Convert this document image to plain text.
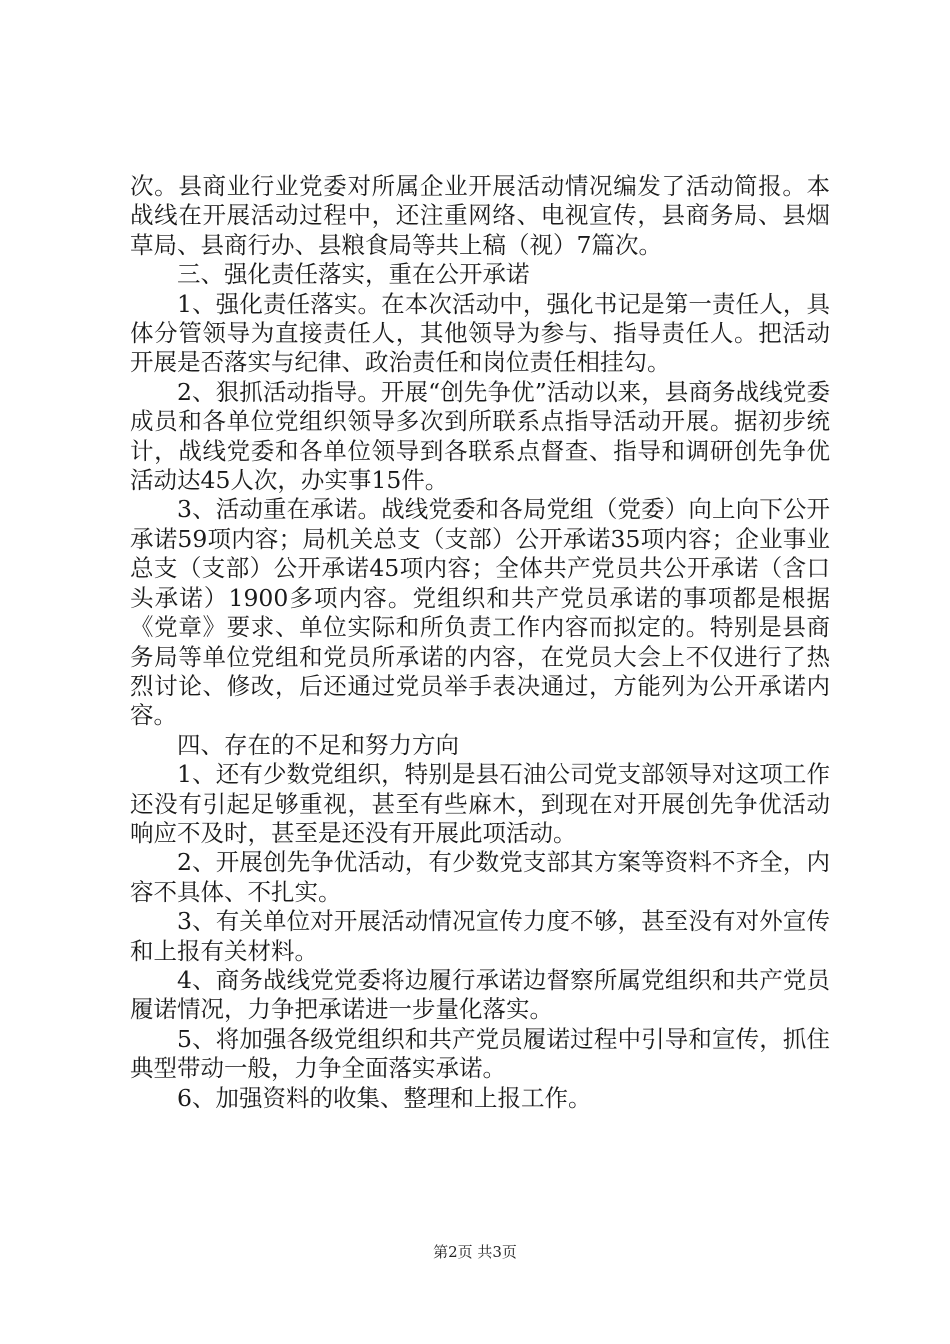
次。县商业行业党委对所属企业开展活动情况编发了活动简报。本战线在开展活动过程中，还注重网络、电视宣传，县商务局、县烟草局、县商行办、县粮食局等共上稿（视）7篇次。

三、强化责任落实，重在公开承诺

1、强化责任落实。在本次活动中，强化书记是第一责任人，具体分管领导为直接责任人，其他领导为参与、指导责任人。把活动开展是否落实与纪律、政治责任和岗位责任相挂勾。

2、狠抓活动指导。开展“创先争优”活动以来，县商务战线党委成员和各单位党组织领导多次到所联系点指导活动开展。据初步统计，战线党委和各单位领导到各联系点督查、指导和调研创先争优活动达45人次，办实事15件。

3、活动重在承诺。战线党委和各局党组（党委）向上向下公开承诺59项内容；局机关总支（支部）公开承诺35项内容；企业事业总支（支部）公开承诺45项内容；全体共产党员共公开承诺（含口头承诺）1900多项内容。党组织和共产党员承诺的事项都是根据《党章》要求、单位实际和所负责工作内容而拟定的。特别是县商务局等单位党组和党员所承诺的内容，在党员大会上不仅进行了热烈讨论、修改，后还通过党员举手表决通过，方能列为公开承诺内容。

四、存在的不足和努力方向

1、还有少数党组织，特别是县石油公司党支部领导对这项工作还没有引起足够重视，甚至有些麻木，到现在对开展创先争优活动响应不及时，甚至是还没有开展此项活动。

2、开展创先争优活动，有少数党支部其方案等资料不齐全，内容不具体、不扎实。

3、有关单位对开展活动情况宣传力度不够，甚至没有对外宣传和上报有关材料。

4、商务战线党党委将边履行承诺边督察所属党组织和共产党员履诺情况，力争把承诺进一步量化落实。

5、将加强各级党组织和共产党员履诺过程中引导和宣传，抓住典型带动一般，力争全面落实承诺。

6、加强资料的收集、整理和上报工作。

第2页 共3页
